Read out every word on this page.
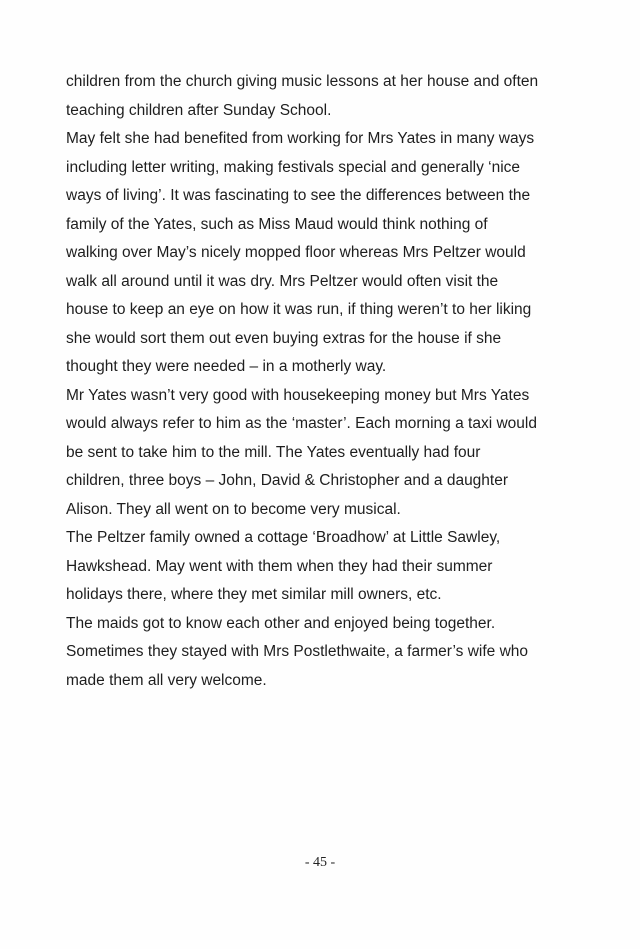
children from the church giving music lessons at her house and often
teaching children after Sunday School.
May felt she had benefited from working for Mrs Yates in many ways
including letter writing, making festivals special and generally ‘nice
ways of living’. It was fascinating to see the differences between the
family of the Yates, such as Miss Maud would think nothing of
walking over May’s nicely mopped floor whereas Mrs Peltzer would
walk all around until it was dry. Mrs Peltzer would often visit the
house to keep an eye on how it was run, if thing weren’t to her liking
she would sort them out even buying extras for the house if she
thought they were needed – in a motherly way.
Mr Yates wasn’t very good with housekeeping money but Mrs Yates
would always refer to him as the ‘master’. Each morning a taxi would
be sent to take him to the mill. The Yates eventually had four
children, three boys – John, David & Christopher and a daughter
Alison. They all went on to become very musical.
The Peltzer family owned a cottage ‘Broadhow’ at Little Sawley,
Hawkshead. May went with them when they had their summer
holidays there, where they met similar mill owners, etc.
The maids got to know each other and enjoyed being together.
Sometimes they stayed with Mrs Postlethwaite, a farmer’s wife who
made them all very welcome.
- 45 -
